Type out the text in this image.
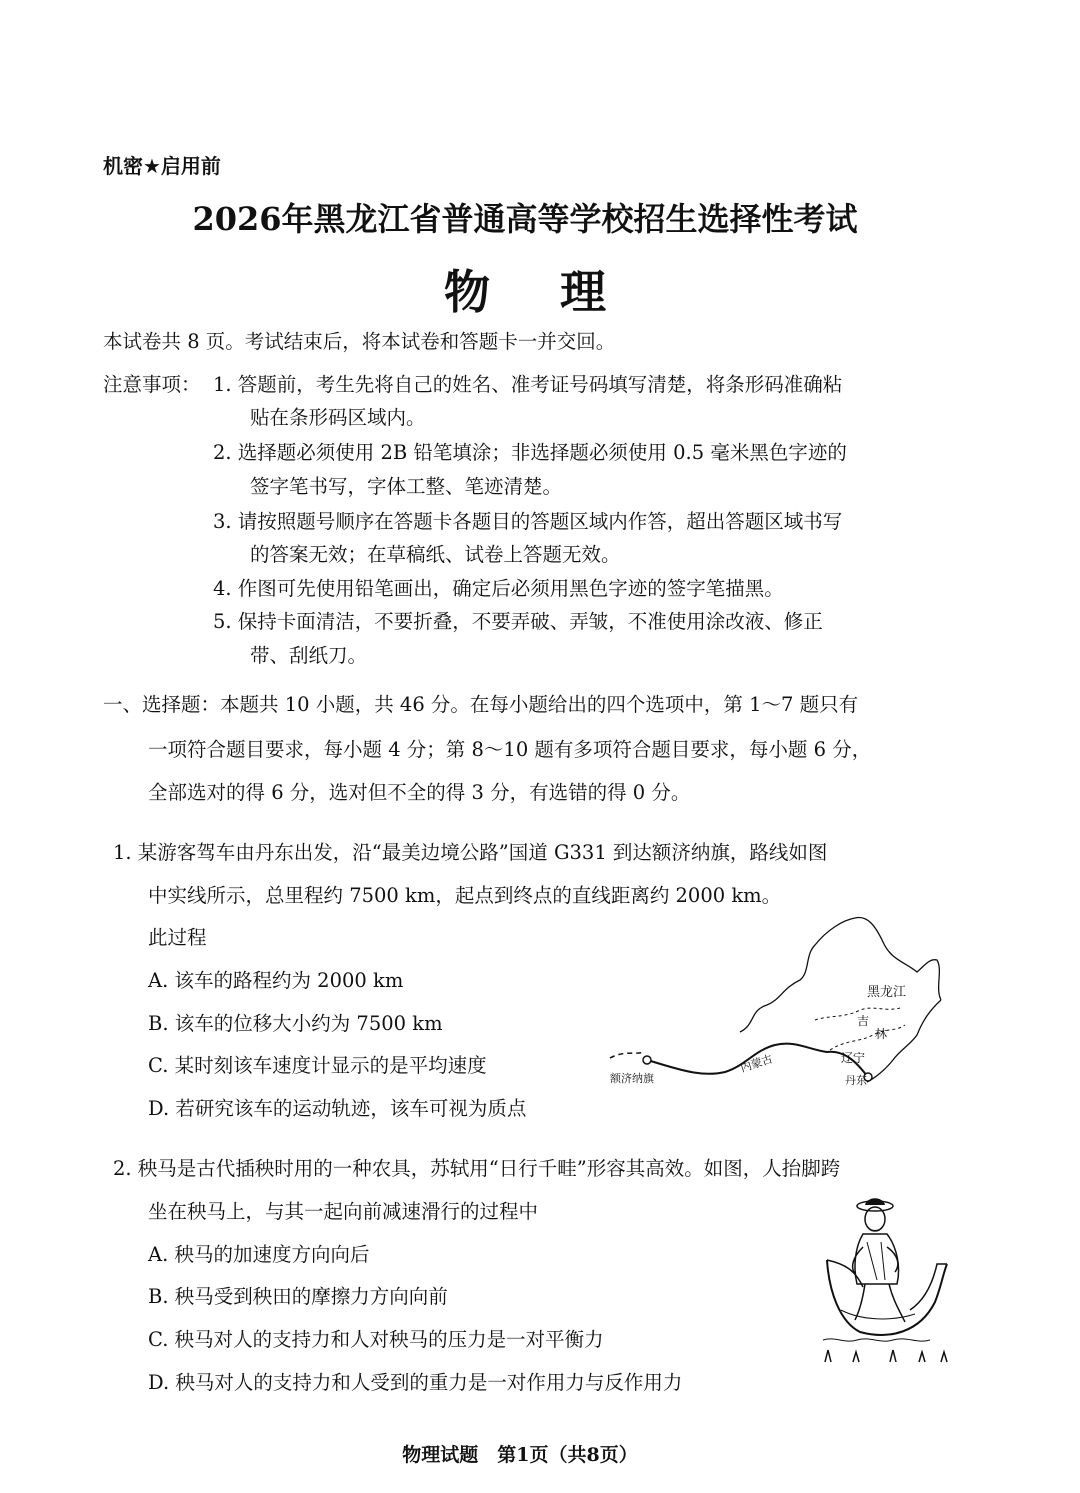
机密★启用前
2026年黑龙江省普通高等学校招生选择性考试
物理
本试卷共 8 页。考试结束后，将本试卷和答题卡一并交回。
注意事项： 1. 答题前，考生先将自己的姓名、准考证号码填写清楚，将条形码准确粘
贴在条形码区域内。
2. 选择题必须使用 2B 铅笔填涂；非选择题必须使用 0.5 毫米黑色字迹的
签字笔书写，字体工整、笔迹清楚。
3. 请按照题号顺序在答题卡各题目的答题区域内作答，超出答题区域书写
的答案无效；在草稿纸、试卷上答题无效。
4. 作图可先使用铅笔画出，确定后必须用黑色字迹的签字笔描黑。
5. 保持卡面清洁，不要折叠，不要弄破、弄皱，不准使用涂改液、修正
带、刮纸刀。
一、选择题：本题共 10 小题，共 46 分。在每小题给出的四个选项中，第 1～7 题只有
一项符合题目要求，每小题 4 分；第 8～10 题有多项符合题目要求，每小题 6 分，
全部选对的得 6 分，选对但不全的得 3 分，有选错的得 0 分。
1. 某游客驾车由丹东出发，沿“最美边境公路”国道 G331 到达额济纳旗，路线如图
中实线所示，总里程约 7500 km，起点到终点的直线距离约 2000 km。
此过程
A. 该车的路程约为 2000 km
B. 该车的位移大小约为 7500 km
C. 某时刻该车速度计显示的是平均速度
D. 若研究该车的运动轨迹，该车可视为质点
黑龙江
吉
林
辽宁
丹东
内蒙古
额济纳旗
2. 秧马是古代插秧时用的一种农具，苏轼用“日行千畦”形容其高效。如图，人抬脚跨
坐在秧马上，与其一起向前减速滑行的过程中
A. 秧马的加速度方向向后
B. 秧马受到秧田的摩擦力方向向前
C. 秧马对人的支持力和人对秧马的压力是一对平衡力
D. 秧马对人的支持力和人受到的重力是一对作用力与反作用力
物理试题　第1页（共8页）
